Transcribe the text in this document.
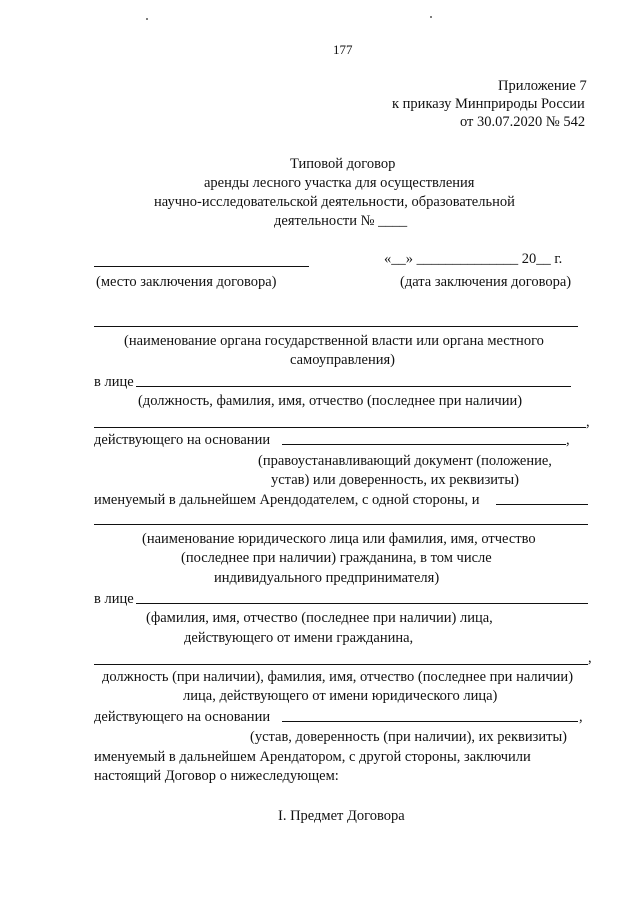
177
Приложение 7
к приказу Минприроды России
от 30.07.2020 № 542
Типовой договор
аренды лесного участка для осуществления
научно-исследовательской деятельности, образовательной
деятельности № ____
«__» ______________ 20__ г.
(место заключения договора)	(дата заключения договора)
(наименование органа государственной власти или органа местного
самоуправления)
в лице
(должность, фамилия, имя, отчество (последнее при наличии)
,
действующего на основании	,
(правоустанавливающий документ (положение,
устав) или доверенность, их реквизиты)
именуемый в дальнейшем Арендодателем, с одной стороны, и
(наименование юридического лица или фамилия, имя, отчество
(последнее при наличии) гражданина, в том числе
индивидуального предпринимателя)
в лице
(фамилия, имя, отчество (последнее при наличии) лица,
действующего от имени гражданина,
,
должность (при наличии), фамилия, имя, отчество (последнее при наличии)
лица, действующего от имени юридического лица)
действующего на основании	,
(устав, доверенность (при наличии), их реквизиты)
именуемый в дальнейшем Арендатором, с другой стороны, заключили
настоящий Договор о нижеследующем:
I. Предмет Договора
